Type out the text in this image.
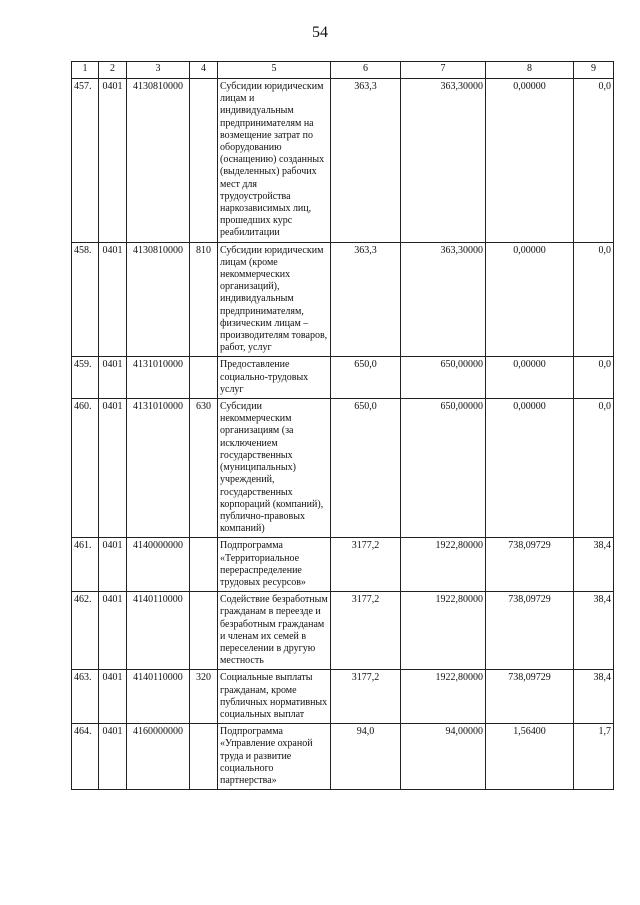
54
1	2	3	4	5	6	7	8	9
457.	0401	4130810000		Субсидии юридическим лицам и индивидуальным предпринимателям на возмещение затрат по оборудованию (оснащению) созданных (выделенных) рабочих мест для трудоустройства наркозависимых лиц, прошедших курс реабилитации	363,3	363,30000	0,00000	0,0
458.	0401	4130810000	810	Субсидии юридическим лицам (кроме некоммерческих организаций), индивидуальным предпринимателям, физическим лицам – производителям товаров, работ, услуг	363,3	363,30000	0,00000	0,0
459.	0401	4131010000		Предоставление социально-трудовых услуг	650,0	650,00000	0,00000	0,0
460.	0401	4131010000	630	Субсидии некоммерческим организациям (за исключением государственных (муниципальных) учреждений, государственных корпораций (компаний), публично-правовых компаний)	650,0	650,00000	0,00000	0,0
461.	0401	4140000000		Подпрограмма «Территориальное перераспределение трудовых ресурсов»	3177,2	1922,80000	738,09729	38,4
462.	0401	4140110000		Содействие безработным гражданам в переезде и безработным гражданам и членам их семей в переселении в другую местность	3177,2	1922,80000	738,09729	38,4
463.	0401	4140110000	320	Социальные выплаты гражданам, кроме публичных нормативных социальных выплат	3177,2	1922,80000	738,09729	38,4
464.	0401	4160000000		Подпрограмма «Управление охраной труда и развитие социального партнерства»	94,0	94,00000	1,56400	1,7
